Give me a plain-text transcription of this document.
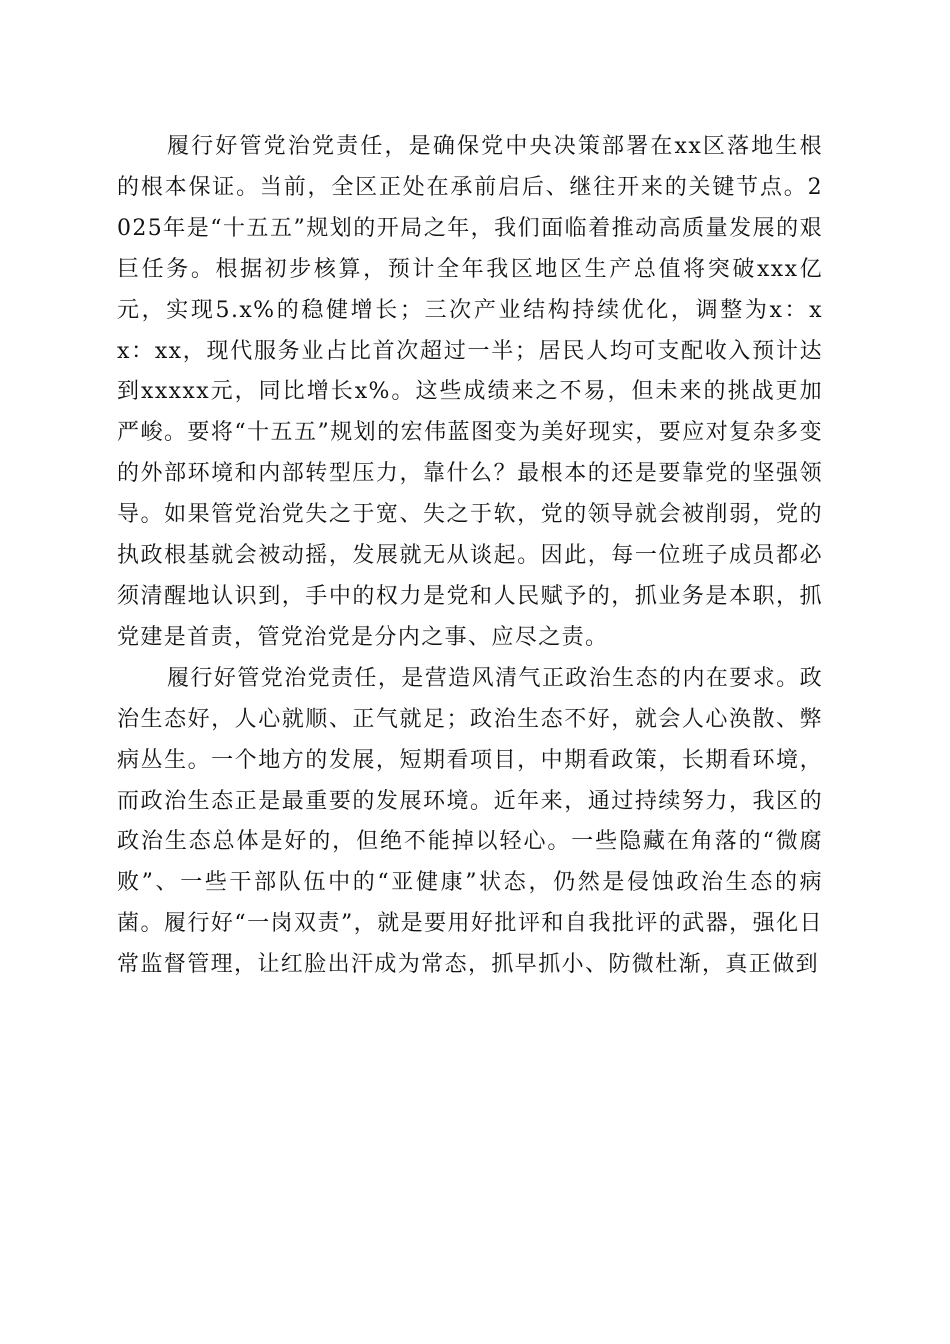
履行好管党治党责任，是确保党中央决策部署在xx区落地生根的根本保证。当前，全区正处在承前启后、继往开来的关键节点。2025年是“十五五”规划的开局之年，我们面临着推动高质量发展的艰巨任务。根据初步核算，预计全年我区地区生产总值将突破xxx亿元，实现5.x%的稳健增长；三次产业结构持续优化，调整为x：xx：xx，现代服务业占比首次超过一半；居民人均可支配收入预计达到xxxxx元，同比增长x%。这些成绩来之不易，但未来的挑战更加严峻。要将“十五五”规划的宏伟蓝图变为美好现实，要应对复杂多变的外部环境和内部转型压力，靠什么？最根本的还是要靠党的坚强领导。如果管党治党失之于宽、失之于软，党的领导就会被削弱，党的执政根基就会被动摇，发展就无从谈起。因此，每一位班子成员都必须清醒地认识到，手中的权力是党和人民赋予的，抓业务是本职，抓党建是首责，管党治党是分内之事、应尽之责。

履行好管党治党责任，是营造风清气正政治生态的内在要求。政治生态好，人心就顺、正气就足；政治生态不好，就会人心涣散、弊病丛生。一个地方的发展，短期看项目，中期看政策，长期看环境，而政治生态正是最重要的发展环境。近年来，通过持续努力，我区的政治生态总体是好的，但绝不能掉以轻心。一些隐藏在角落的“微腐败”、一些干部队伍中的“亚健康”状态，仍然是侵蚀政治生态的病菌。履行好“一岗双责”，就是要用好批评和自我批评的武器，强化日常监督管理，让红脸出汗成为常态，抓早抓小、防微杜渐，真正做到
